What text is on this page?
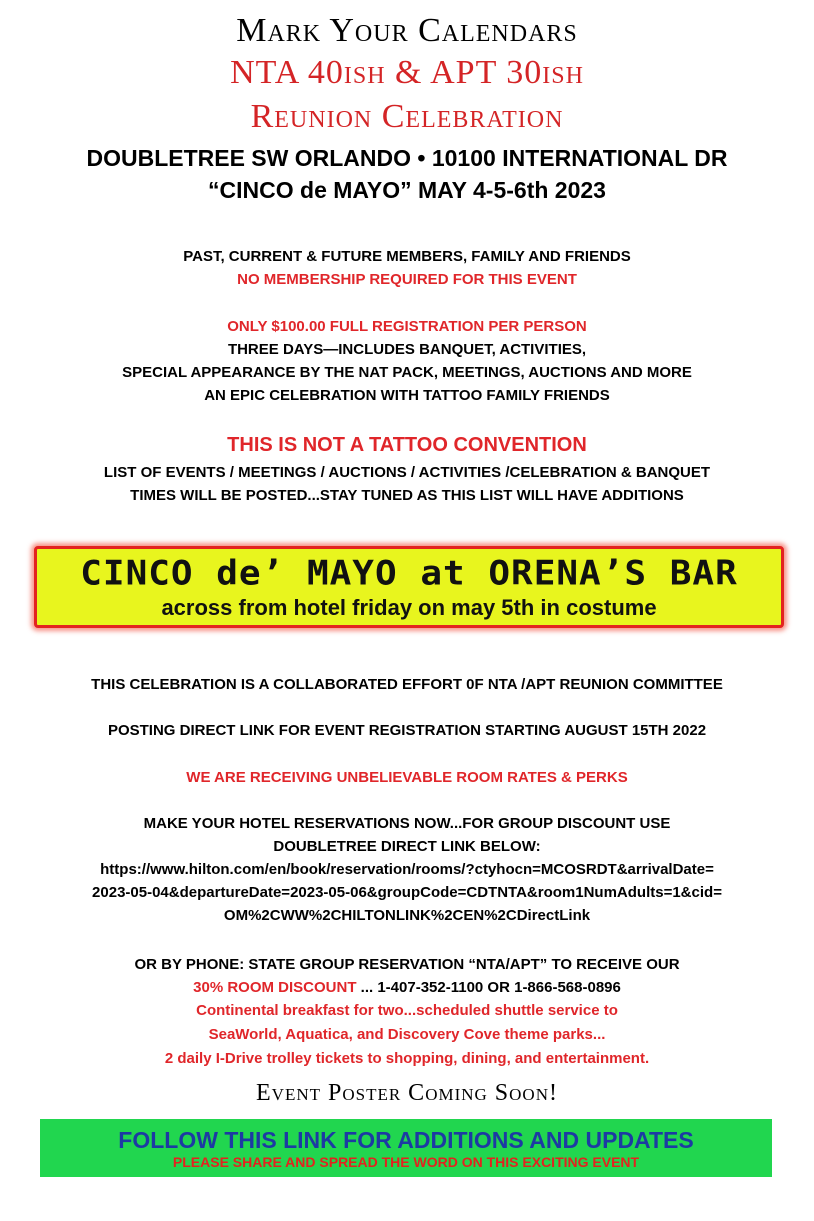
Mark Your Calendars
NTA 40ish & APT 30ish
Reunion Celebration
DOUBLETREE SW ORLANDO • 10100 INTERNATIONAL DR
“CINCO de MAYO” MAY 4-5-6th 2023
PAST, CURRENT & FUTURE MEMBERS, FAMILY AND FRIENDS
NO MEMBERSHIP REQUIRED FOR THIS EVENT
ONLY $100.00 FULL REGISTRATION PER PERSON
THREE DAYS—INCLUDES BANQUET, ACTIVITIES,
SPECIAL APPEARANCE BY THE NAT PACK, MEETINGS, AUCTIONS AND MORE
AN EPIC CELEBRATION WITH TATTOO FAMILY FRIENDS
THIS IS NOT A TATTOO CONVENTION
LIST OF EVENTS / MEETINGS / AUCTIONS / ACTIVITIES /CELEBRATION & BANQUET
TIMES WILL BE POSTED...STAY TUNED AS THIS LIST WILL HAVE ADDITIONS
CINCO de’ MAYO at ORENA’S BAR
across from hotel friday on may 5th in costume
THIS CELEBRATION IS A COLLABORATED EFFORT 0F NTA /APT REUNION COMMITTEE
POSTING DIRECT LINK FOR EVENT REGISTRATION STARTING AUGUST 15TH 2022
WE ARE RECEIVING UNBELIEVABLE ROOM RATES & PERKS
MAKE YOUR HOTEL RESERVATIONS NOW...FOR GROUP DISCOUNT USE
DOUBLETREE DIRECT LINK BELOW:
https://www.hilton.com/en/book/reservation/rooms/?ctyhocn=MCOSRDT&arrivalDate=
2023-05-04&departureDate=2023-05-06&groupCode=CDTNTA&room1NumAdults=1&cid=
OM%2CWW%2CHILTONLINK%2CEN%2CDirectLink
OR BY PHONE: STATE GROUP RESERVATION “NTA/APT” TO RECEIVE OUR
30% ROOM DISCOUNT ... 1-407-352-1100 OR 1-866-568-0896
Continental breakfast for two...scheduled shuttle service to
SeaWorld, Aquatica, and Discovery Cove theme parks...
2 daily I-Drive trolley tickets to shopping, dining, and entertainment.
Event Poster Coming Soon!
FOLLOW THIS LINK FOR ADDITIONS AND UPDATES
PLEASE SHARE AND SPREAD THE WORD ON THIS EXCITING EVENT
